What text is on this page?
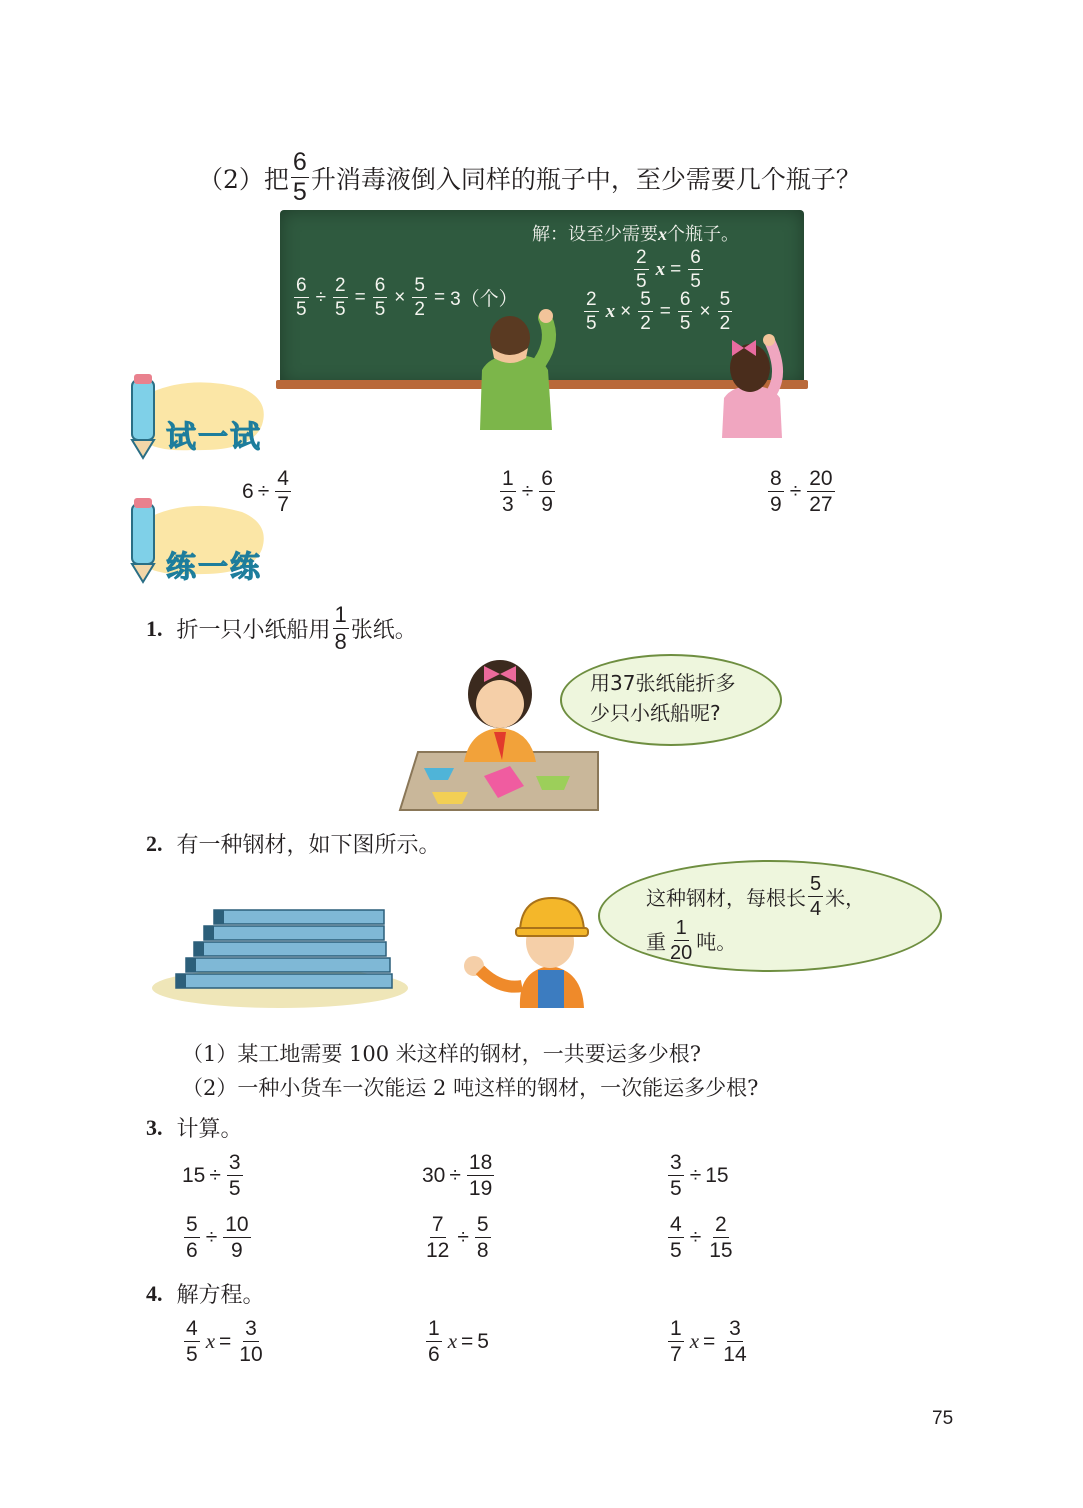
（2）把 $\frac{6}{5}$ 升消毒液倒入同样的瓶子中，至少需要几个瓶子？
解：设至少需要x个瓶子。
$\frac{6}{5} \div \frac{2}{5} = \frac{6}{5} \times \frac{5}{2} = 3$（个）
$\frac{2}{5}$ $x = \frac{6}{5}$
$\frac{2}{5}$ $x \times \frac{5}{2} = \frac{6}{5} \times \frac{5}{2}$
试一试
$6 \div \frac{4}{7}$	$\frac{1}{3} \div \frac{6}{9}$	$\frac{8}{9} \div \frac{20}{27}$
练一练
1. 折一只小纸船用 $\frac{1}{8}$ 张纸。
用37张纸能折多
少只小纸船呢?
2. 有一种钢材，如下图所示。
这种钢材，每根长 $\frac{5}{4}$ 米，
重 $\frac{1}{20}$ 吨。
（1）某工地需要 100 米这样的钢材，一共要运多少根?
（2）一种小货车一次能运 2 吨这样的钢材，一次能运多少根?
3. 计算。
$15 \div \frac{3}{5}$	$30 \div \frac{18}{19}$	$\frac{3}{5} \div 15$
$\frac{5}{6} \div \frac{10}{9}$	$\frac{7}{12} \div \frac{5}{8}$	$\frac{4}{5} \div \frac{2}{15}$
4. 解方程。
$\frac{4}{5}$ $x = \frac{3}{10}$	$\frac{1}{6}$ x = 5	$\frac{1}{7}$ $x = \frac{3}{14}$
75
